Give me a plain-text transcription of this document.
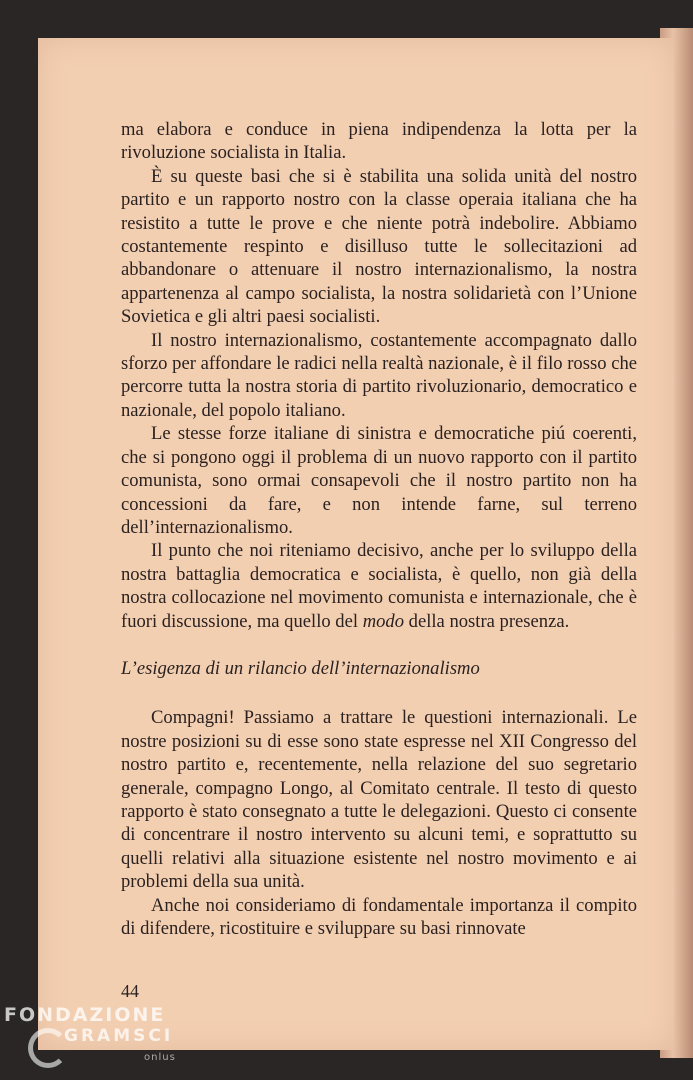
ma elabora e conduce in piena indipendenza la lotta per la rivoluzione socialista in Italia.

È su queste basi che si è stabilita una solida unità del nostro partito e un rapporto nostro con la classe operaia italiana che ha resistito a tutte le prove e che niente potrà indebolire. Abbiamo costantemente respinto e disilluso tutte le sollecitazioni ad abbandonare o attenuare il nostro internazionalismo, la nostra appartenenza al campo socialista, la nostra solidarietà con l’Unione Sovietica e gli altri paesi socialisti.

Il nostro internazionalismo, costantemente accompagnato dallo sforzo per affondare le radici nella realtà nazionale, è il filo rosso che percorre tutta la nostra storia di partito rivoluzionario, democratico e nazionale, del popolo italiano.

Le stesse forze italiane di sinistra e democratiche piú coerenti, che si pongono oggi il problema di un nuovo rapporto con il partito comunista, sono ormai consapevoli che il nostro partito non ha concessioni da fare, e non intende farne, sul terreno dell’internazionalismo.

Il punto che noi riteniamo decisivo, anche per lo sviluppo della nostra battaglia democratica e socialista, è quello, non già della nostra collocazione nel movimento comunista e internazionale, che è fuori discussione, ma quello del modo della nostra presenza.

L’esigenza di un rilancio dell’internazionalismo

Compagni! Passiamo a trattare le questioni internazionali. Le nostre posizioni su di esse sono state espresse nel XII Congresso del nostro partito e, recentemente, nella relazione del suo segretario generale, compagno Longo, al Comitato centrale. Il testo di questo rapporto è stato consegnato a tutte le delegazioni. Questo ci consente di concentrare il nostro intervento su alcuni temi, e soprattutto su quelli relativi alla situazione esistente nel nostro movimento e ai problemi della sua unità.

Anche noi consideriamo di fondamentale importanza il compito di difendere, ricostituire e sviluppare su basi rinnovate

44
FONDAZIONE
GRAMSCI
onlus
